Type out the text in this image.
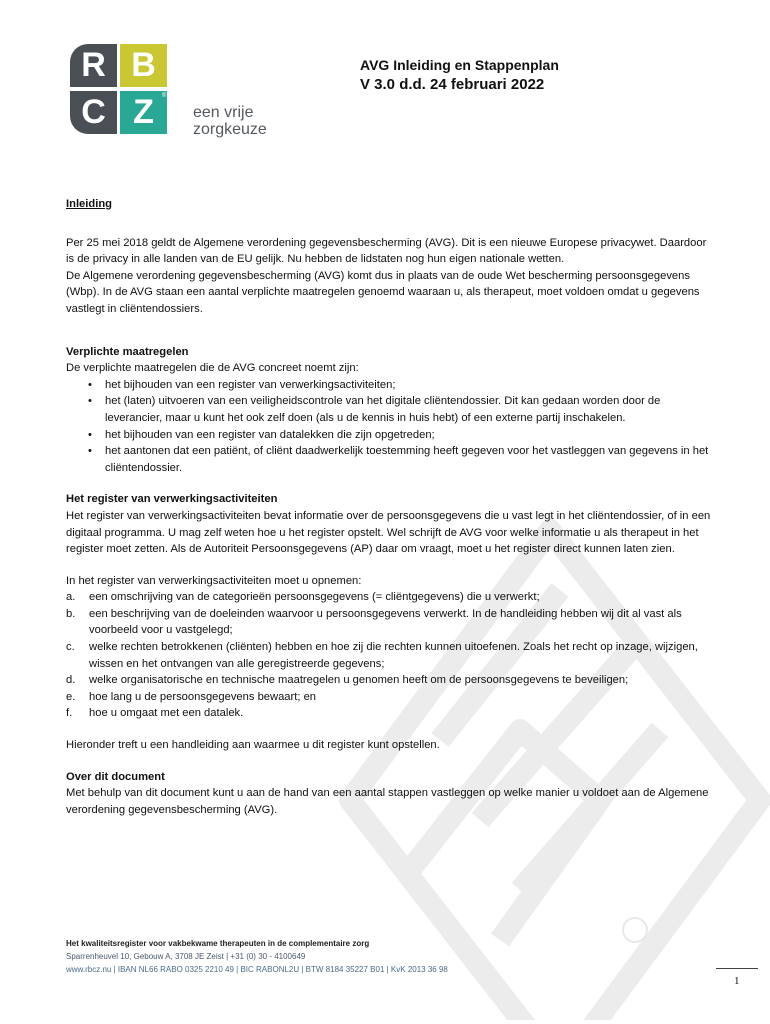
R B
C Z	®
een vrije zorgkeuze
AVG Inleiding en Stappenplan
V 3.0 d.d. 24 februari 2022

Inleiding

Per 25 mei 2018 geldt de Algemene verordening gegevensbescherming (AVG). Dit is een nieuwe Europese privacywet. Daardoor is de privacy in alle landen van de EU gelijk. Nu hebben de lidstaten nog hun eigen nationale wetten.

De Algemene verordening gegevensbescherming (AVG) komt dus in plaats van de oude Wet bescherming persoonsgegevens (Wbp). In de AVG staan een aantal verplichte maatregelen genoemd waaraan u, als therapeut, moet voldoen omdat u gegevens vastlegt in cliëntendossiers.

Verplichte maatregelen

De verplichte maatregelen die de AVG concreet noemt zijn:

• het bijhouden van een register van verwerkingsactiviteiten;
• het (laten) uitvoeren van een veiligheidscontrole van het digitale cliëntendossier. Dit kan gedaan worden door de leverancier, maar u kunt het ook zelf doen (als u de kennis in huis hebt) of een externe partij inschakelen.
• het bijhouden van een register van datalekken die zijn opgetreden;
• het aantonen dat een patiënt, of cliënt daadwerkelijk toestemming heeft gegeven voor het vastleggen van gegevens in het cliëntendossier.

Het register van verwerkingsactiviteiten

Het register van verwerkingsactiviteiten bevat informatie over de persoonsgegevens die u vast legt in het cliëntendossier, of in een digitaal programma. U mag zelf weten hoe u het register opstelt. Wel schrijft de AVG voor welke informatie u als therapeut in het register moet zetten. Als de Autoriteit Persoonsgegevens (AP) daar om vraagt, moet u het register direct kunnen laten zien.

In het register van verwerkingsactiviteiten moet u opnemen:

a. een omschrijving van de categorieën persoonsgegevens (= cliëntgegevens) die u verwerkt;
b. een beschrijving van de doeleinden waarvoor u persoonsgegevens verwerkt. In de handleiding hebben wij dit al vast als voorbeeld voor u vastgelegd;
c. welke rechten betrokkenen (cliënten) hebben en hoe zij die rechten kunnen uitoefenen. Zoals het recht op inzage, wijzigen, wissen en het ontvangen van alle geregistreerde gegevens;
d. welke organisatorische en technische maatregelen u genomen heeft om de persoonsgegevens te beveiligen;
e. hoe lang u de persoonsgegevens bewaart; en
f. hoe u omgaat met een datalek.

Hieronder treft u een handleiding aan waarmee u dit register kunt opstellen.

Over dit document

Met behulp van dit document kunt u aan de hand van een aantal stappen vastleggen op welke manier u voldoet aan de Algemene verordening gegevensbescherming (AVG).

Het kwaliteitsregister voor vakbekwame therapeuten in de complementaire zorg
Sparrenheuvel 10, Gebouw A, 3708 JE Zeist | +31 (0) 30 - 4100649
www.rbcz.nu | IBAN NL66 RABO 0325 2210 49 | BIC RABONL2U | BTW 8184 35227 B01 | KvK 2013 36 98
1
